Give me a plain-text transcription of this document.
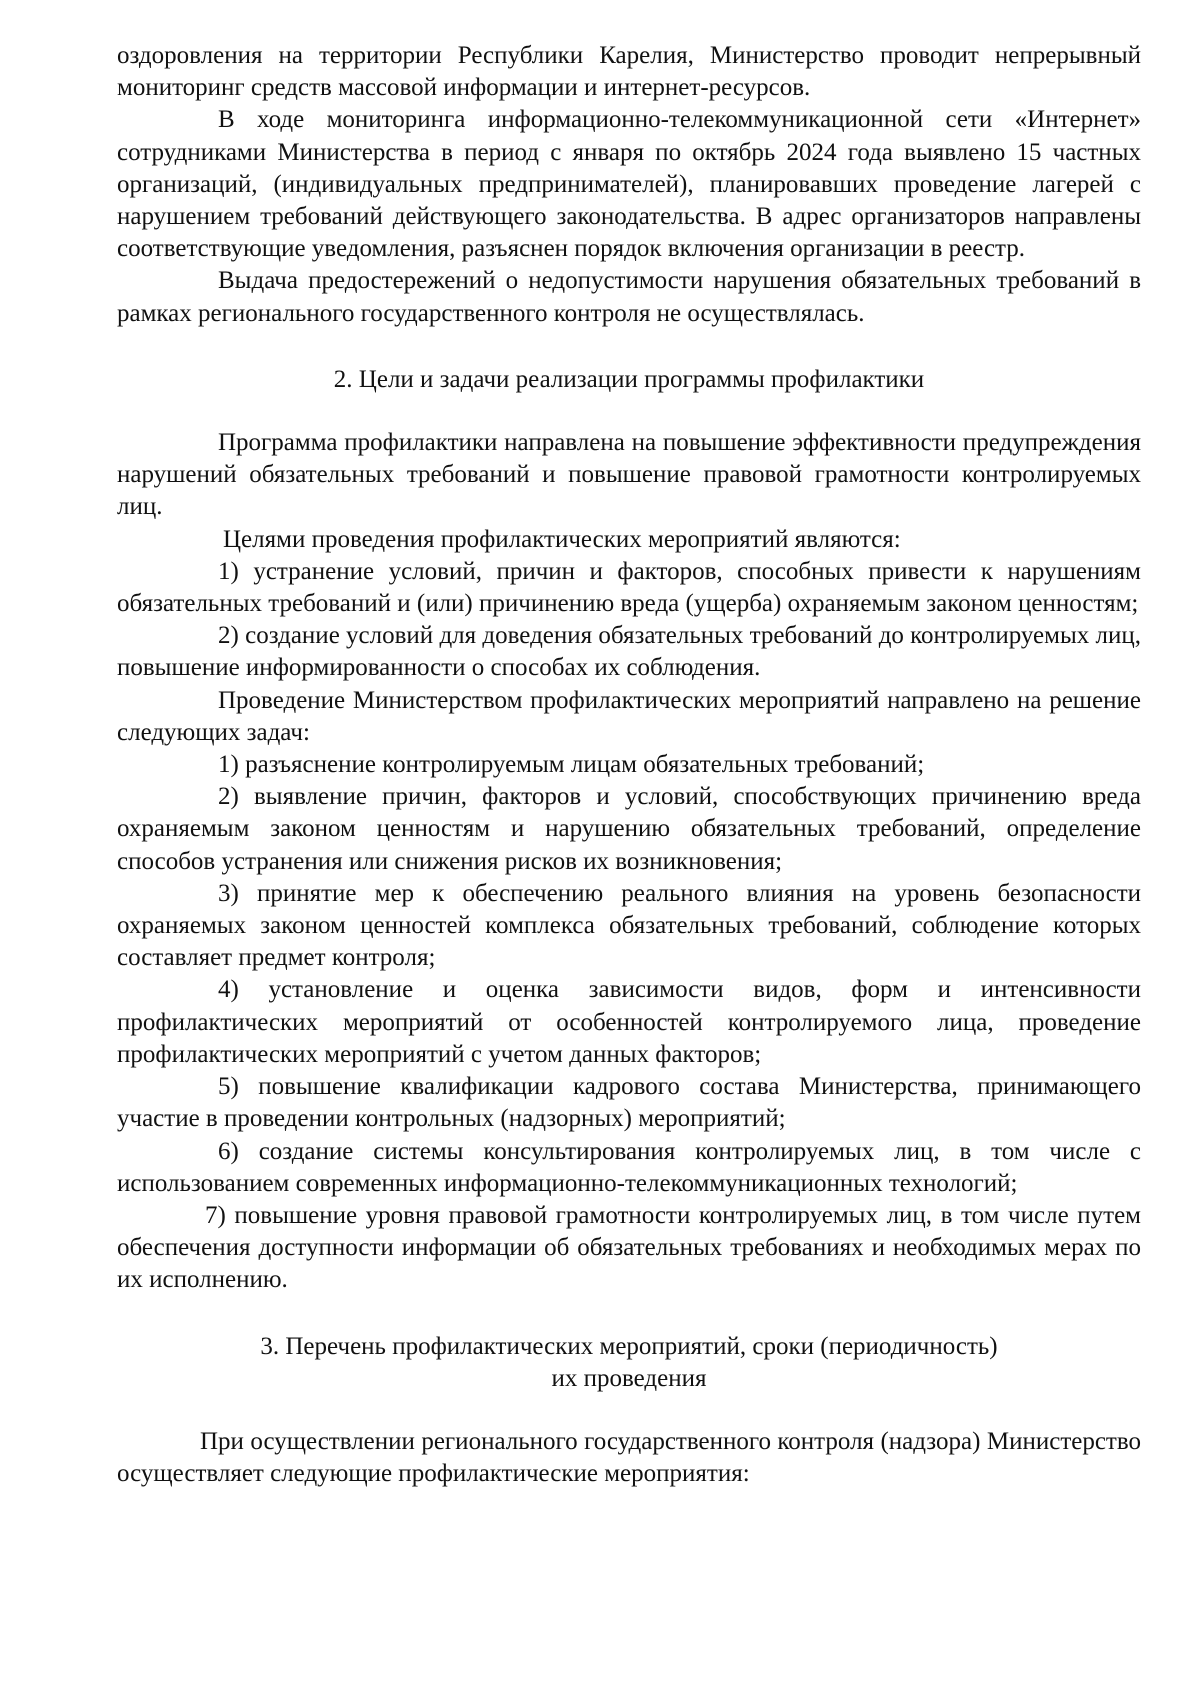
оздоровления на территории Республики Карелия, Министерство проводит непрерывный мониторинг средств массовой информации и интернет-ресурсов.

В ходе мониторинга информационно-телекоммуникационной сети «Интернет» сотрудниками Министерства в период с января по октябрь 2024 года выявлено 15 частных организаций, (индивидуальных предпринимателей), планировавших проведение лагерей с нарушением требований действующего законодательства. В адрес организаторов направлены соответствующие уведомления, разъяснен порядок включения организации в реестр.

Выдача предостережений о недопустимости нарушения обязательных требований в рамках регионального государственного контроля не осуществлялась.

2. Цели и задачи реализации программы профилактики

Программа профилактики направлена на повышение эффективности предупреждения нарушений обязательных требований и повышение правовой грамотности контролируемых лиц.

Целями проведения профилактических мероприятий являются:

1) устранение условий, причин и факторов, способных привести к нарушениям обязательных требований и (или) причинению вреда (ущерба) охраняемым законом ценностям;

2) создание условий для доведения обязательных требований до контролируемых лиц, повышение информированности о способах их соблюдения.

Проведение Министерством профилактических мероприятий направлено на решение следующих задач:

1) разъяснение контролируемым лицам обязательных требований;

2) выявление причин, факторов и условий, способствующих причинению вреда охраняемым законом ценностям и нарушению обязательных требований, определение способов устранения или снижения рисков их возникновения;

3) принятие мер к обеспечению реального влияния на уровень безопасности охраняемых законом ценностей комплекса обязательных требований, соблюдение которых составляет предмет контроля;

4) установление и оценка зависимости видов, форм и интенсивности профилактических мероприятий от особенностей контролируемого лица, проведение профилактических мероприятий с учетом данных факторов;

5) повышение квалификации кадрового состава Министерства, принимающего участие в проведении контрольных (надзорных) мероприятий;

6) создание системы консультирования контролируемых лиц, в том числе с использованием современных информационно-телекоммуникационных технологий;

7) повышение уровня правовой грамотности контролируемых лиц, в том числе путем обеспечения доступности информации об обязательных требованиях и необходимых мерах по их исполнению.

3. Перечень профилактических мероприятий, сроки (периодичность)

их проведения

При осуществлении регионального государственного контроля (надзора) Министерство осуществляет следующие профилактические мероприятия:
